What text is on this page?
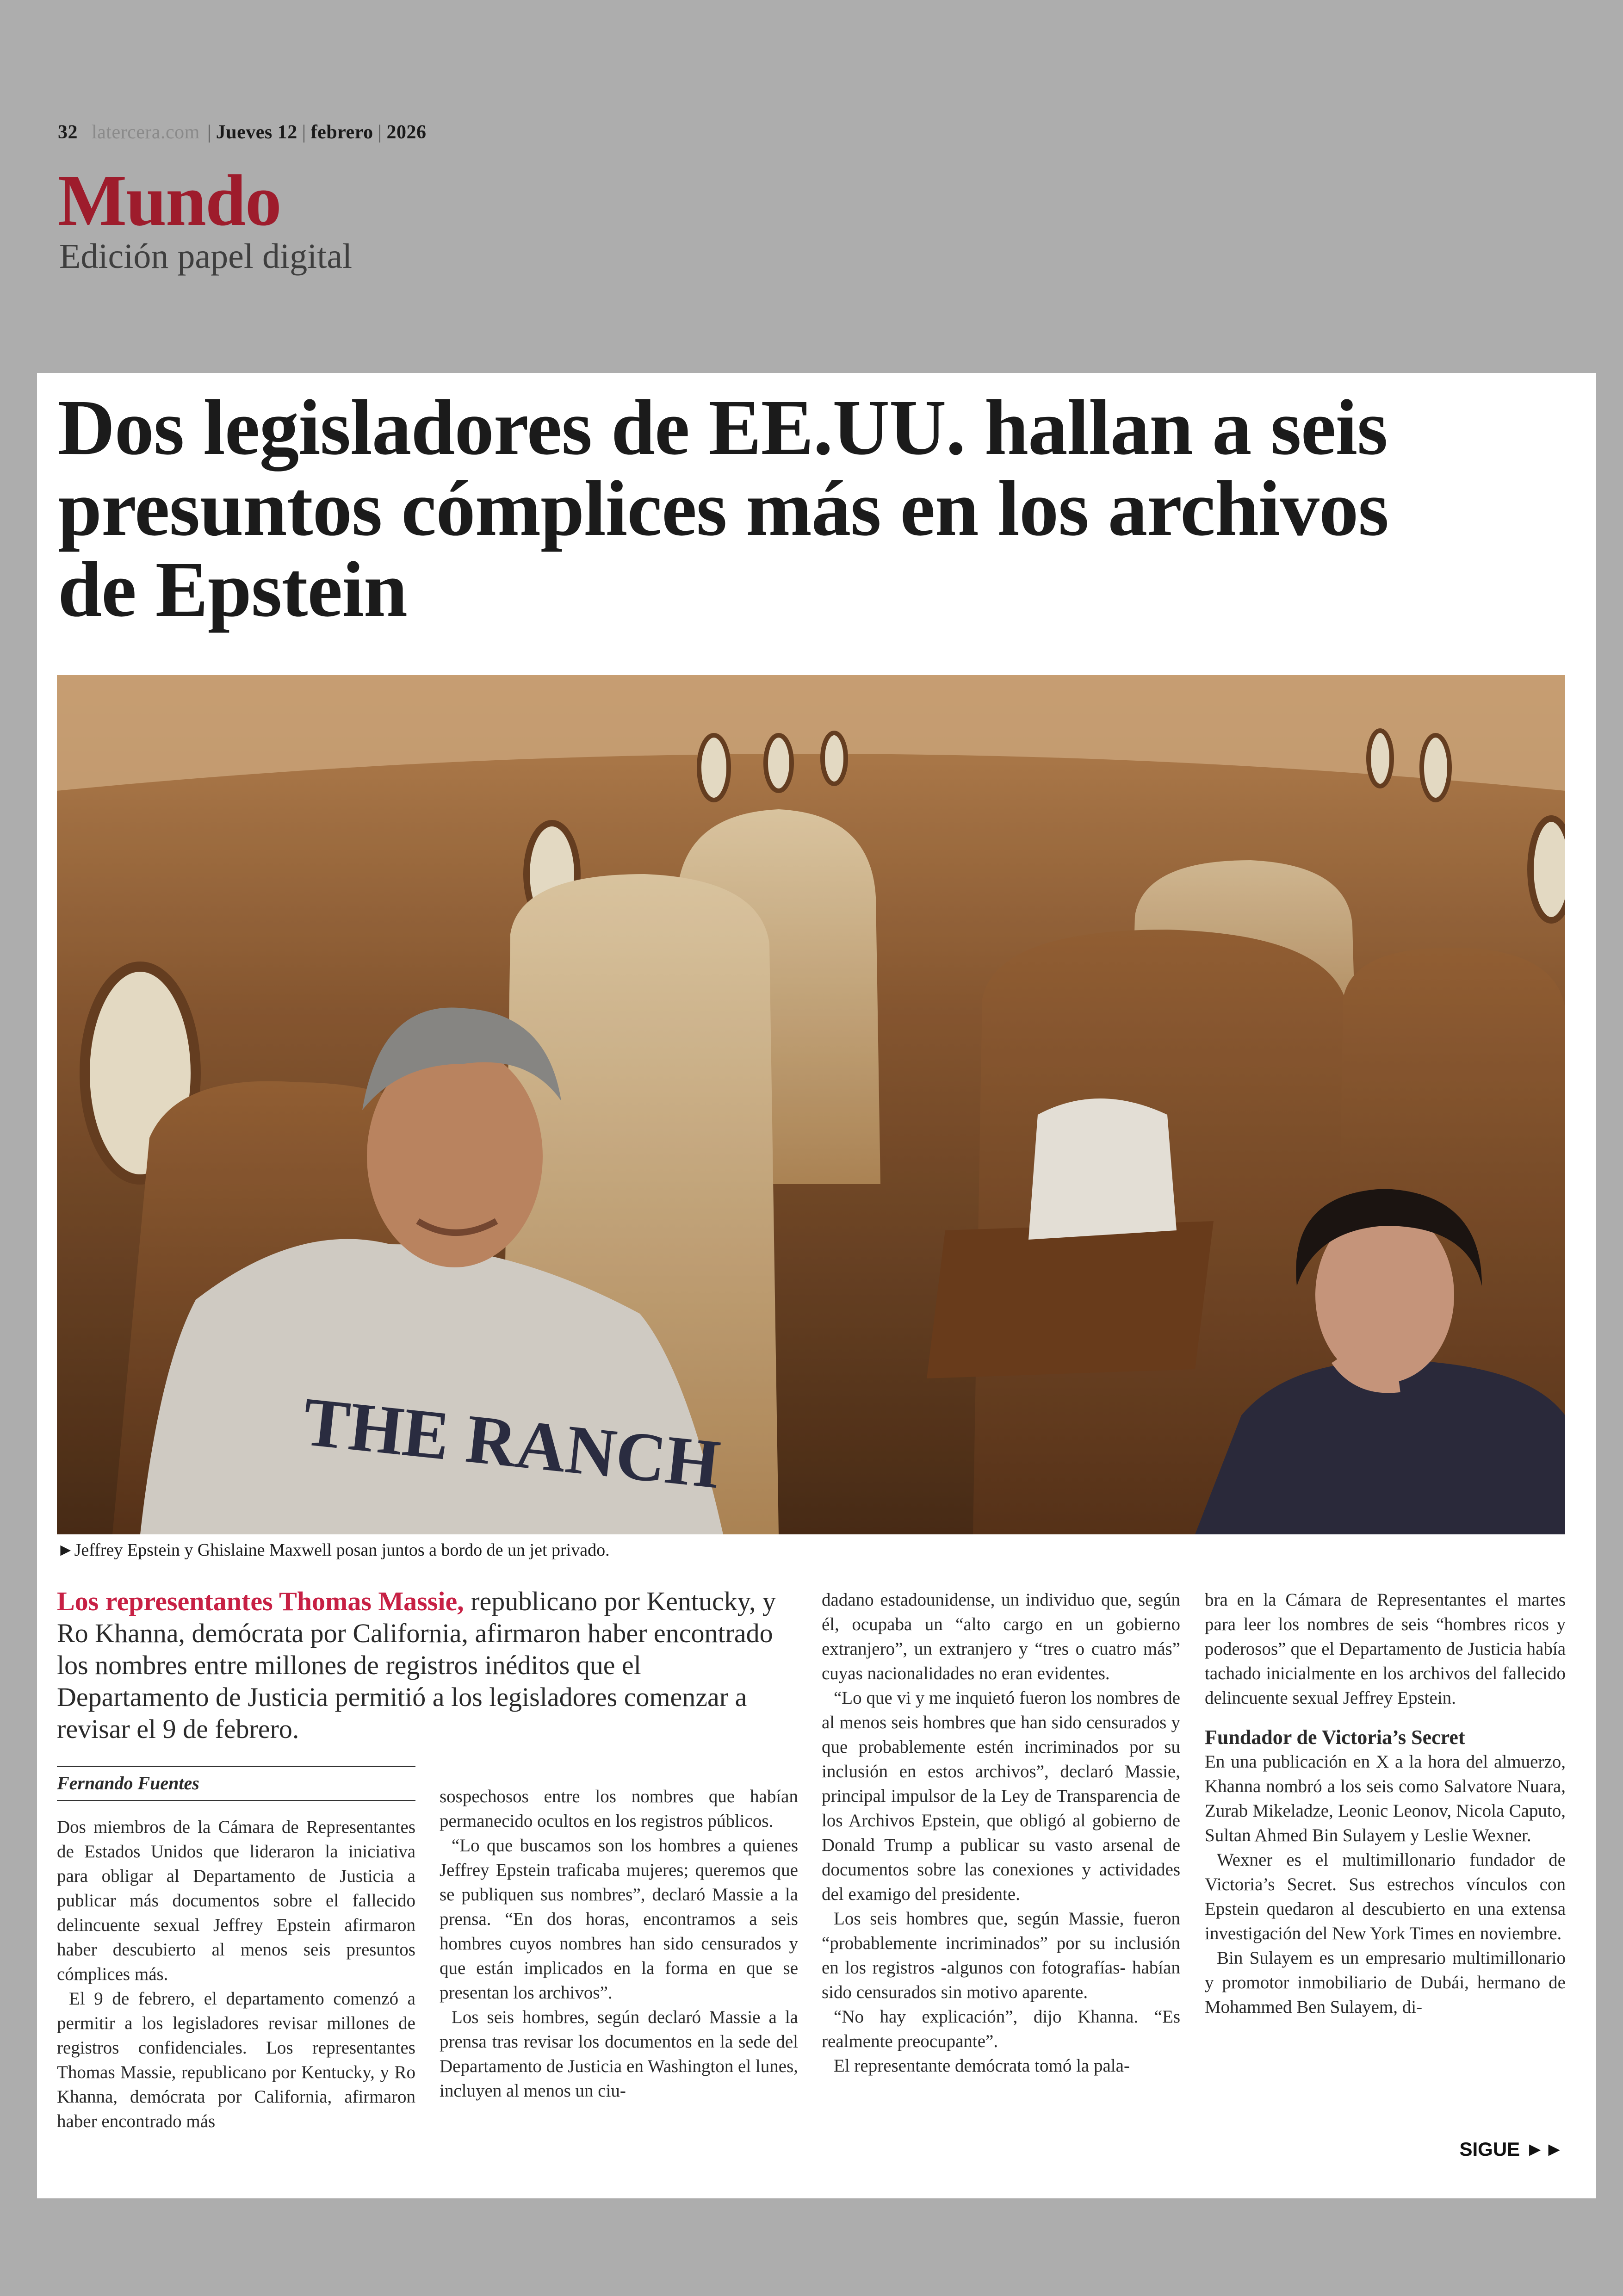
32 latercera.com | Jueves 12 | febrero | 2026
Mundo
Edición papel digital
Dos legisladores de EE.UU. hallan a seis presuntos cómplices más en los archivos de Epstein
THE RANCH
►Jeffrey Epstein y Ghislaine Maxwell posan juntos a bordo de un jet privado.

Los representantes Thomas Massie, republicano por Kentucky, y Ro Khanna, demócrata por California, afirmaron haber encontrado los nombres entre millones de registros inéditos que el Departamento de Justicia permitió a los legisladores comenzar a revisar el 9 de febrero.

Fernando Fuentes

Dos miembros de la Cámara de Representantes de Estados Unidos que lideraron la iniciativa para obligar al Departamento de Justicia a publicar más documentos sobre el fallecido delincuente sexual Jeffrey Epstein afirmaron haber descubierto al menos seis presuntos cómplices más.

El 9 de febrero, el departamento comenzó a permitir a los legisladores revisar millones de registros confidenciales. Los representantes Thomas Massie, republicano por Kentucky, y Ro Khanna, demócrata por California, afirmaron haber encontrado más

sospechosos entre los nombres que habían permanecido ocultos en los registros públicos.

“Lo que buscamos son los hombres a quienes Jeffrey Epstein traficaba mujeres; queremos que se publiquen sus nombres”, declaró Massie a la prensa. “En dos horas, encontramos a seis hombres cuyos nombres han sido censurados y que están implicados en la forma en que se presentan los archivos”.

Los seis hombres, según declaró Massie a la prensa tras revisar los documentos en la sede del Departamento de Justicia en Washington el lunes, incluyen al menos un ciu-

dadano estadounidense, un individuo que, según él, ocupaba un “alto cargo en un gobierno extranjero”, un extranjero y “tres o cuatro más” cuyas nacionalidades no eran evidentes.

“Lo que vi y me inquietó fueron los nombres de al menos seis hombres que han sido censurados y que probablemente estén incriminados por su inclusión en estos archivos”, declaró Massie, principal impulsor de la Ley de Transparencia de los Archivos Epstein, que obligó al gobierno de Donald Trump a publicar su vasto arsenal de documentos sobre las conexiones y actividades del examigo del presidente.

Los seis hombres que, según Massie, fueron “probablemente incriminados” por su inclusión en los registros -algunos con fotografías- habían sido censurados sin motivo aparente.

“No hay explicación”, dijo Khanna. “Es realmente preocupante”.

El representante demócrata tomó la pala-

bra en la Cámara de Representantes el martes para leer los nombres de seis “hombres ricos y poderosos” que el Departamento de Justicia había tachado inicialmente en los archivos del fallecido delincuente sexual Jeffrey Epstein.

Fundador de Victoria’s Secret

En una publicación en X a la hora del almuerzo, Khanna nombró a los seis como Salvatore Nuara, Zurab Mikeladze, Leonic Leonov, Nicola Caputo, Sultan Ahmed Bin Sulayem y Leslie Wexner.

Wexner es el multimillonario fundador de Victoria’s Secret. Sus estrechos vínculos con Epstein quedaron al descubierto en una extensa investigación del New York Times en noviembre.

Bin Sulayem es un empresario multimillonario y promotor inmobiliario de Dubái, hermano de Mohammed Ben Sulayem, di-

SIGUE ►►
